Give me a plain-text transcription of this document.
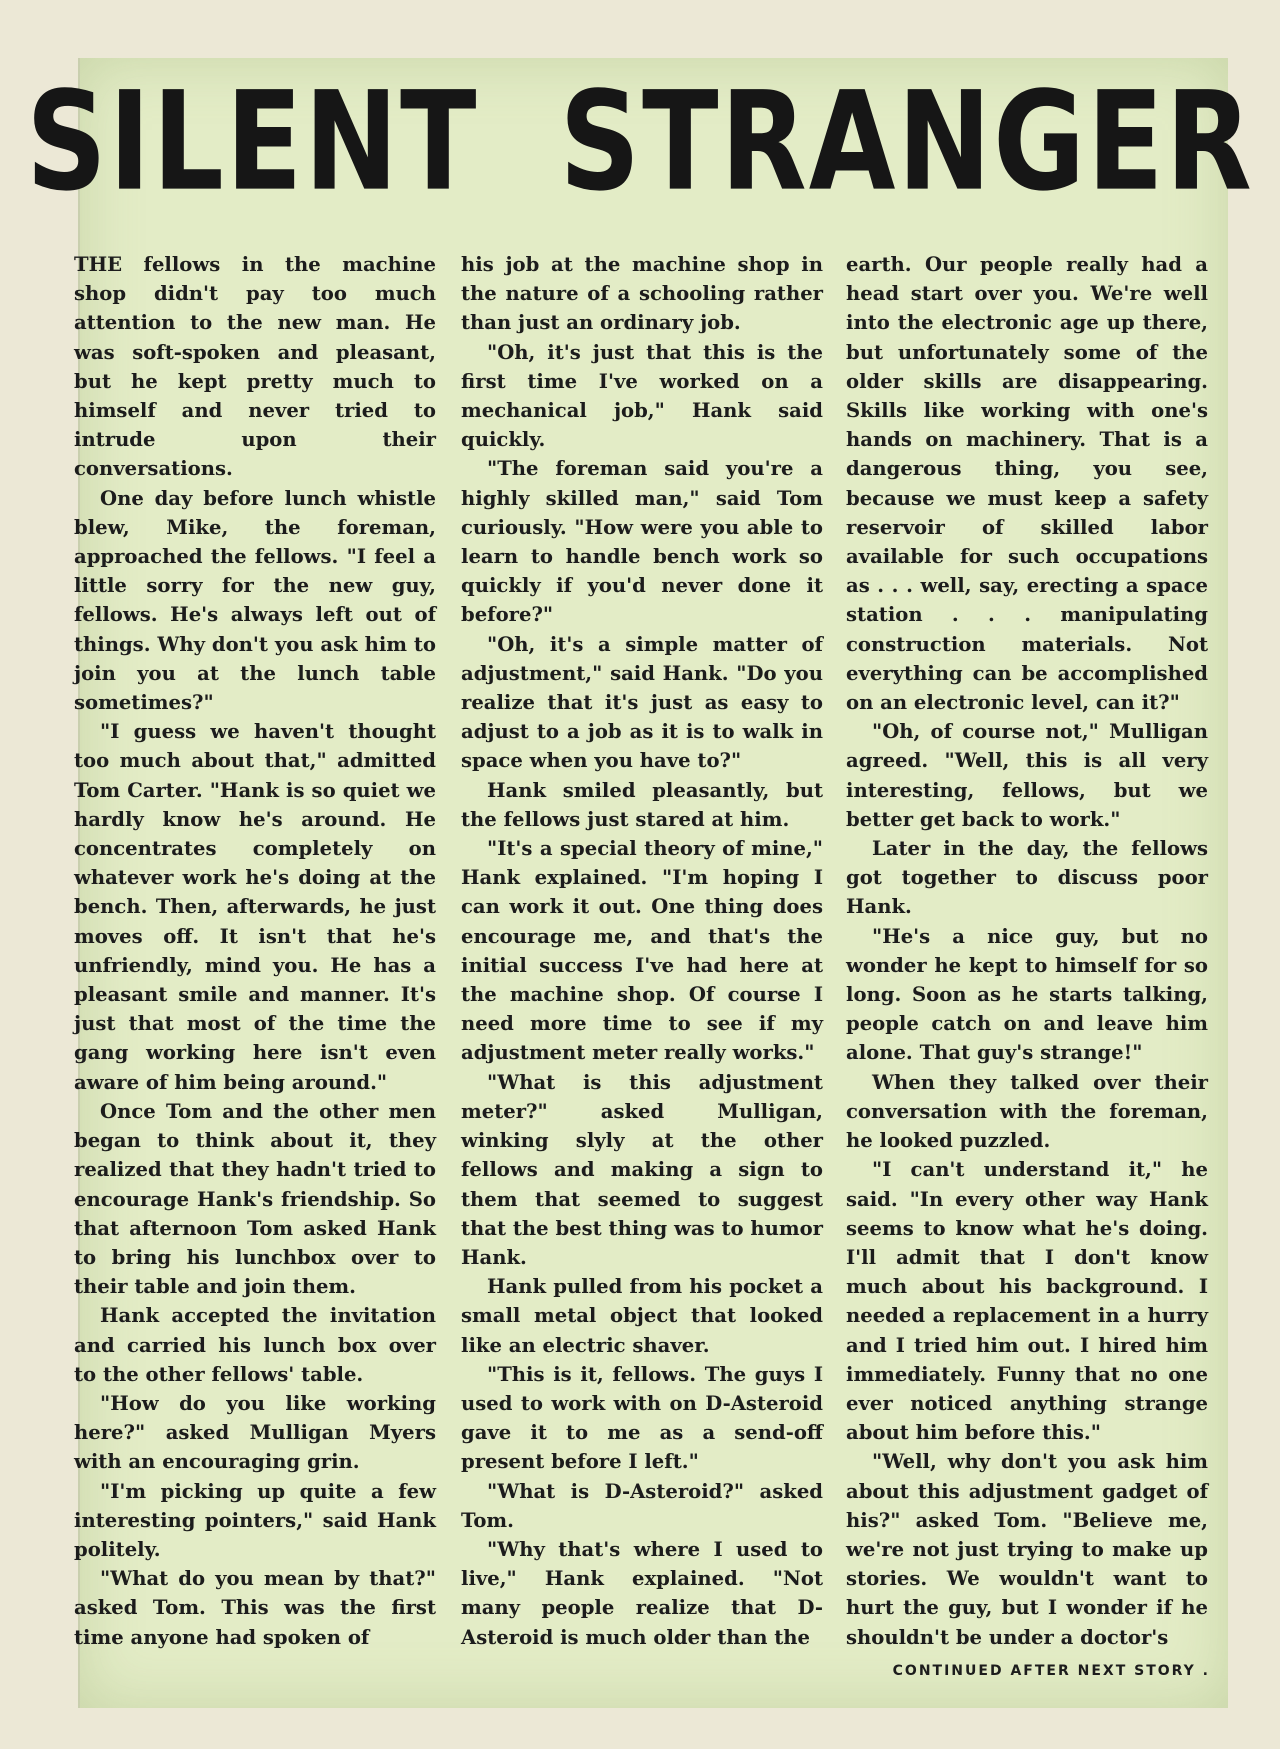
SILENT STRANGER

THE fellows in the machine shop didn't pay too much attention to the new man. He was soft-spoken and pleasant, but he kept pretty much to himself and never tried to intrude upon their conversations.

One day before lunch whistle blew, Mike, the foreman, approached the fellows. "I feel a little sorry for the new guy, fellows. He's always left out of things. Why don't you ask him to join you at the lunch table sometimes?"

"I guess we haven't thought too much about that," admitted Tom Carter. "Hank is so quiet we hardly know he's around. He concentrates completely on whatever work he's doing at the bench. Then, afterwards, he just moves off. It isn't that he's unfriendly, mind you. He has a pleasant smile and manner. It's just that most of the time the gang working here isn't even aware of him being around."

Once Tom and the other men began to think about it, they realized that they hadn't tried to encourage Hank's friendship. So that afternoon Tom asked Hank to bring his lunchbox over to their table and join them.

Hank accepted the invitation and carried his lunch box over to the other fellows' table.

"How do you like working here?" asked Mulligan Myers with an encouraging grin.

"I'm picking up quite a few interesting pointers," said Hank politely.

"What do you mean by that?" asked Tom. This was the first time anyone had spoken of

his job at the machine shop in the nature of a schooling rather than just an ordinary job.

"Oh, it's just that this is the first time I've worked on a mechanical job," Hank said quickly.

"The foreman said you're a highly skilled man," said Tom curiously. "How were you able to learn to handle bench work so quickly if you'd never done it before?"

"Oh, it's a simple matter of adjustment," said Hank. "Do you realize that it's just as easy to adjust to a job as it is to walk in space when you have to?"

Hank smiled pleasantly, but the fellows just stared at him.

"It's a special theory of mine," Hank explained. "I'm hoping I can work it out. One thing does encourage me, and that's the initial success I've had here at the machine shop. Of course I need more time to see if my adjustment meter really works."

"What is this adjustment meter?" asked Mulligan, winking slyly at the other fellows and making a sign to them that seemed to suggest that the best thing was to humor Hank.

Hank pulled from his pocket a small metal object that looked like an electric shaver.

"This is it, fellows. The guys I used to work with on D-Asteroid gave it to me as a send-off present before I left."

"What is D-Asteroid?" asked Tom.

"Why that's where I used to live," Hank explained. "Not many people realize that D-Asteroid is much older than the

earth. Our people really had a head start over you. We're well into the electronic age up there, but unfortunately some of the older skills are disappearing. Skills like working with one's hands on machinery. That is a dangerous thing, you see, because we must keep a safety reservoir of skilled labor available for such occupations as . . . well, say, erecting a space station . . . manipulating construction materials. Not everything can be accomplished on an electronic level, can it?"

"Oh, of course not," Mulligan agreed. "Well, this is all very interesting, fellows, but we better get back to work."

Later in the day, the fellows got together to discuss poor Hank.

"He's a nice guy, but no wonder he kept to himself for so long. Soon as he starts talking, people catch on and leave him alone. That guy's strange!"

When they talked over their conversation with the foreman, he looked puzzled.

"I can't understand it," he said. "In every other way Hank seems to know what he's doing. I'll admit that I don't know much about his background. I needed a replacement in a hurry and I tried him out. I hired him immediately. Funny that no one ever noticed anything strange about him before this."

"Well, why don't you ask him about this adjustment gadget of his?" asked Tom. "Believe me, we're not just trying to make up stories. We wouldn't want to hurt the guy, but I wonder if he shouldn't be under a doctor's

CONTINUED AFTER NEXT STORY .
